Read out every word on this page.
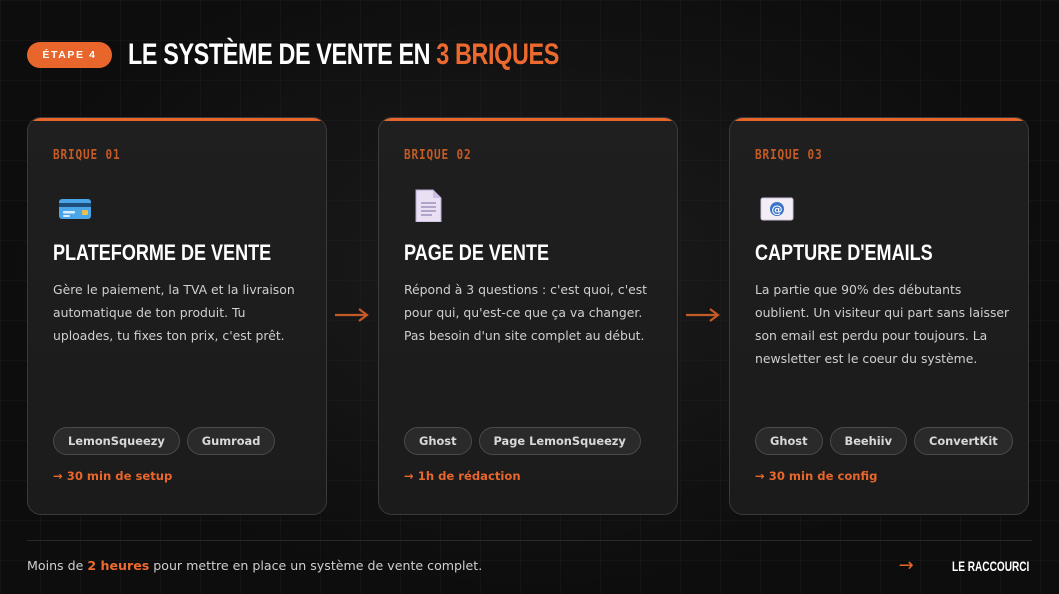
ÉTAPE 4	LE SYSTÈME DE VENTE EN 3 BRIQUES
BRIQUE 01
PLATEFORME DE VENTE
Gère le paiement, la TVA et la livraison automatique de ton produit. Tu uploades, tu fixes ton prix, c'est prêt.
LemonSqueezy	Gumroad
→ 30 min de setup
BRIQUE 02
PAGE DE VENTE
Répond à 3 questions : c'est quoi, c'est pour qui, qu'est-ce que ça va changer. Pas besoin d'un site complet au début.
Ghost	Page LemonSqueezy
→ 1h de rédaction
BRIQUE 03
@
CAPTURE D'EMAILS
La partie que 90% des débutants oublient. Un visiteur qui part sans laisser son email est perdu pour toujours. La newsletter est le coeur du système.
Ghost	Beehiiv	ConvertKit
→ 30 min de config
Moins de 2 heures pour mettre en place un système de vente complet.	→	LE RACCOURCI
